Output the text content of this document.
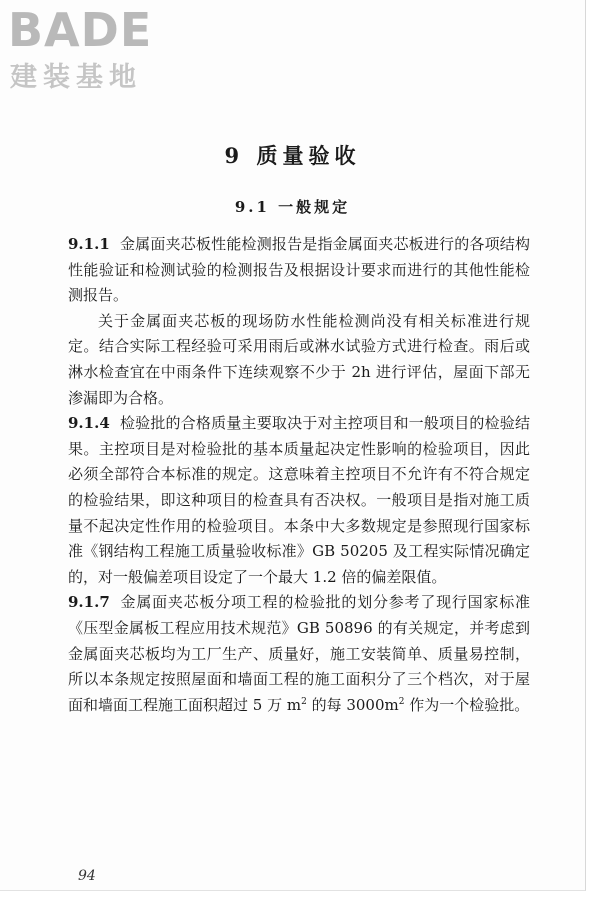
BADE
建装基地
9 质量验收
9.1 一般规定

9.1.1 金属面夹芯板性能检测报告是指金属面夹芯板进行的各项结构性能验证和检测试验的检测报告及根据设计要求而进行的其他性能检测报告。

关于金属面夹芯板的现场防水性能检测尚没有相关标准进行规定。结合实际工程经验可采用雨后或淋水试验方式进行检查。雨后或淋水检查宜在中雨条件下连续观察不少于 2h 进行评估，屋面下部无渗漏即为合格。

9.1.4 检验批的合格质量主要取决于对主控项目和一般项目的检验结果。主控项目是对检验批的基本质量起决定性影响的检验项目，因此必须全部符合本标准的规定。这意味着主控项目不允许有不符合规定的检验结果，即这种项目的检查具有否决权。一般项目是指对施工质量不起决定性作用的检验项目。本条中大多数规定是参照现行国家标准《钢结构工程施工质量验收标准》GB 50205 及工程实际情况确定的，对一般偏差项目设定了一个最大 1.2 倍的偏差限值。

9.1.7 金属面夹芯板分项工程的检验批的划分参考了现行国家标准《压型金属板工程应用技术规范》GB 50896 的有关规定，并考虑到金属面夹芯板均为工厂生产、质量好，施工安装简单、质量易控制，所以本条规定按照屋面和墙面工程的施工面积分了三个档次，对于屋面和墙面工程施工面积超过 5 万 $m^2$ 的每 $3000m^2$ 作为一个检验批。

94
